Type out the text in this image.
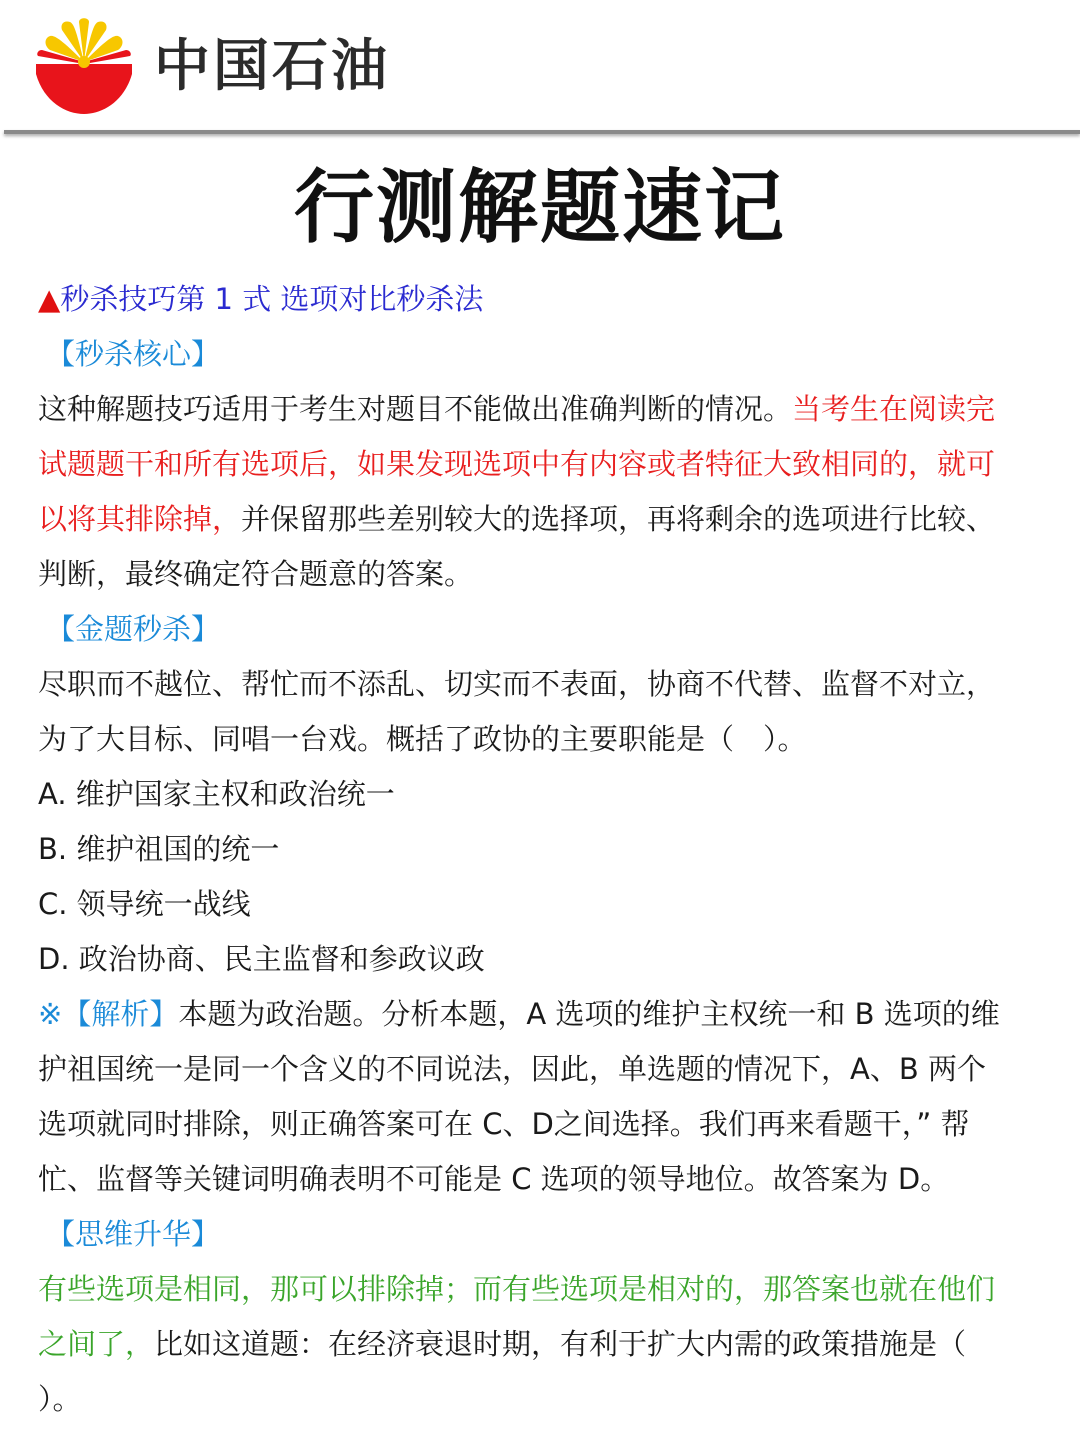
中国石油
行测解题速记
▲秒杀技巧第 1 式 选项对比秒杀法
【秒杀核心】
这种解题技巧适用于考生对题目不能做出准确判断的情况。当考生在阅读完
试题题干和所有选项后，如果发现选项中有内容或者特征大致相同的，就可
以将其排除掉，并保留那些差别较大的选择项，再将剩余的选项进行比较、
判断，最终确定符合题意的答案。
【金题秒杀】
尽职而不越位、帮忙而不添乱、切实而不表面，协商不代替、监督不对立，
为了大目标、同唱一台戏。概括了政协的主要职能是（　）。
A. 维护国家主权和政治统一
B. 维护祖国的统一
C. 领导统一战线
D. 政治协商、民主监督和参政议政
※【解析】本题为政治题。分析本题，A 选项的维护主权统一和 B 选项的维
护祖国统一是同一个含义的不同说法，因此，单选题的情况下，A、B 两个
选项就同时排除，则正确答案可在 C、D之间选择。我们再来看题干，” 帮
忙、监督等关键词明确表明不可能是 C 选项的领导地位。故答案为 D。
【思维升华】
有些选项是相同，那可以排除掉；而有些选项是相对的，那答案也就在他们
之间了，比如这道题：在经济衰退时期，有利于扩大内需的政策措施是（
）。
